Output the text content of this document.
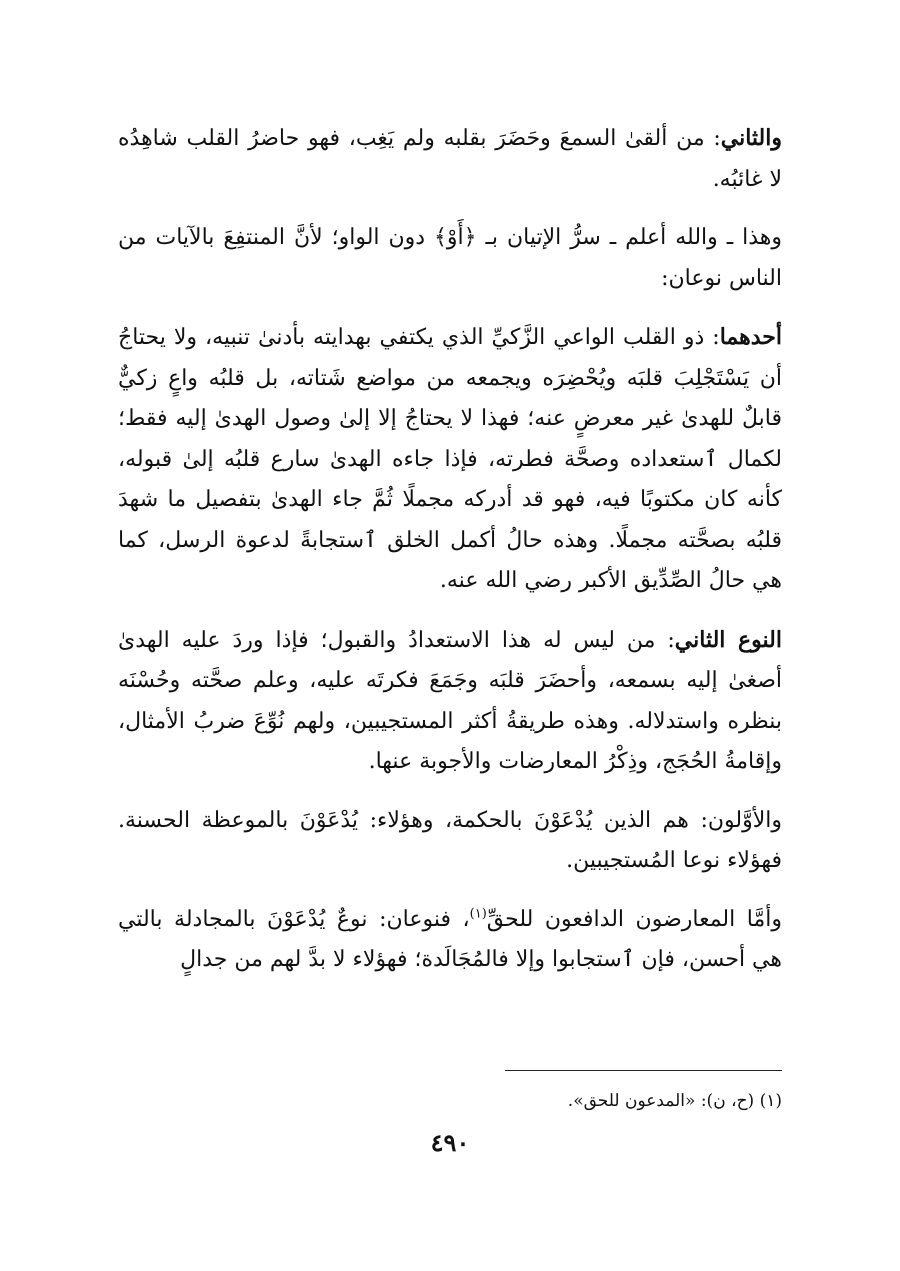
والثاني: من ألقىٰ السمعَ وحَضَرَ بقلبه ولم يَغِب، فهو حاضرُ القلب شاهِدُه لا غائبُه.

وهذا ـ والله أعلم ـ سرُّ الإتيان بـ ﴿أَوْ﴾ دون الواو؛ لأنَّ المنتفِعَ بالآيات من الناس نوعان:

أحدهما: ذو القلب الواعي الزَّكيِّ الذي يكتفي بهدايته بأدنىٰ تنبيه، ولا يحتاجُ أن يَسْتَجْلِبَ قلبَه ويُحْضِرَه ويجمعه من مواضع شَتاته، بل قلبُه واعٍ زكيٌّ قابلٌ للهدىٰ غير معرضٍ عنه؛ فهذا لا يحتاجُ إلا إلىٰ وصول الهدىٰ إليه فقط؛ لكمال ٱستعداده وصحَّة فطرته، فإذا جاءه الهدىٰ سارع قلبُه إلىٰ قبوله، كأنه كان مكتوبًا فيه، فهو قد أدركه مجملًا ثُمَّ جاء الهدىٰ بتفصيل ما شهدَ قلبُه بصحَّته مجملًا. وهذه حالُ أكمل الخلق ٱستجابةً لدعوة الرسل، كما هي حالُ الصِّدِّيق الأكبر رضي الله عنه.

النوع الثاني: من ليس له هذا الاستعدادُ والقبول؛ فإذا وردَ عليه الهدىٰ أصغىٰ إليه بسمعه، وأحضَرَ قلبَه وجَمَعَ فكرتَه عليه، وعلم صحَّته وحُسْنَه بنظره واستدلاله. وهذه طريقةُ أكثر المستجيبين، ولهم نُوِّعَ ضربُ الأمثال، وإقامةُ الحُجَج، وذِكْرُ المعارضات والأجوبة عنها.

والأوَّلون: هم الذين يُدْعَوْنَ بالحكمة، وهؤلاء: يُدْعَوْنَ بالموعظة الحسنة. فهؤلاء نوعا المُستجيبين.

وأمَّا المعارضون الدافعون للحقِّ$^{(١)}$، فنوعان: نوعٌ يُدْعَوْنَ بالمجادلة بالتي هي أحسن، فإن ٱستجابوا وإلا فالمُجَالَدة؛ فهؤلاء لا بدَّ لهم من جدالٍ

(١) (ح، ن): «المدعون للحق».
٤٩٠
